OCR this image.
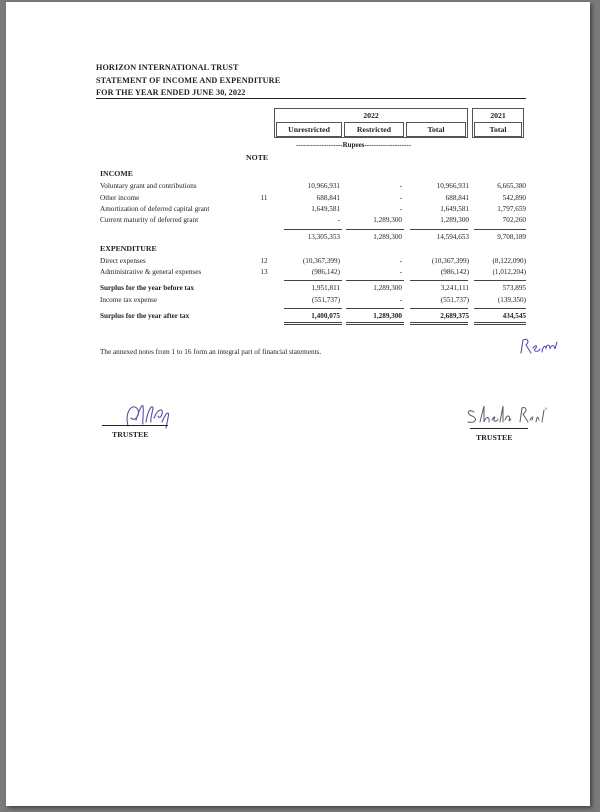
HORIZON INTERNATIONAL TRUST
STATEMENT OF INCOME AND EXPENDITURE
FOR THE YEAR ENDED JUNE 30, 2022
2022
Unrestricted	Restricted	Total
2021
Total
--------------------Rupees--------------------
NOTE
INCOME
Voluntary grant and contributions	10,966,931	-	10,966,931	6,665,380
Other income	11	688,841	-	688,841	542,890
Amortization of deferred capital grant	1,649,581	-	1,649,581	1,797,659
Current maturity of deferred grant	-	1,289,300	1,289,300	702,260
13,305,353	1,289,300	14,594,653	9,708,189
EXPENDITURE
Direct expenses	12	(10,367,399)	-	(10,367,399)	(8,122,090)
Administrative & general expenses	13	(986,142)	-	(986,142)	(1,012,204)
Surplus for the year before tax	1,951,811	1,289,300	3,241,111	573,895
Income tax expense	(551,737)	-	(551,737)	(139,350)
Surplus for the year after tax	1,400,075	1,289,300	2,689,375	434,545
The annexed notes from 1 to 16 form an integral part of financial statements.
TRUSTEE	TRUSTEE
